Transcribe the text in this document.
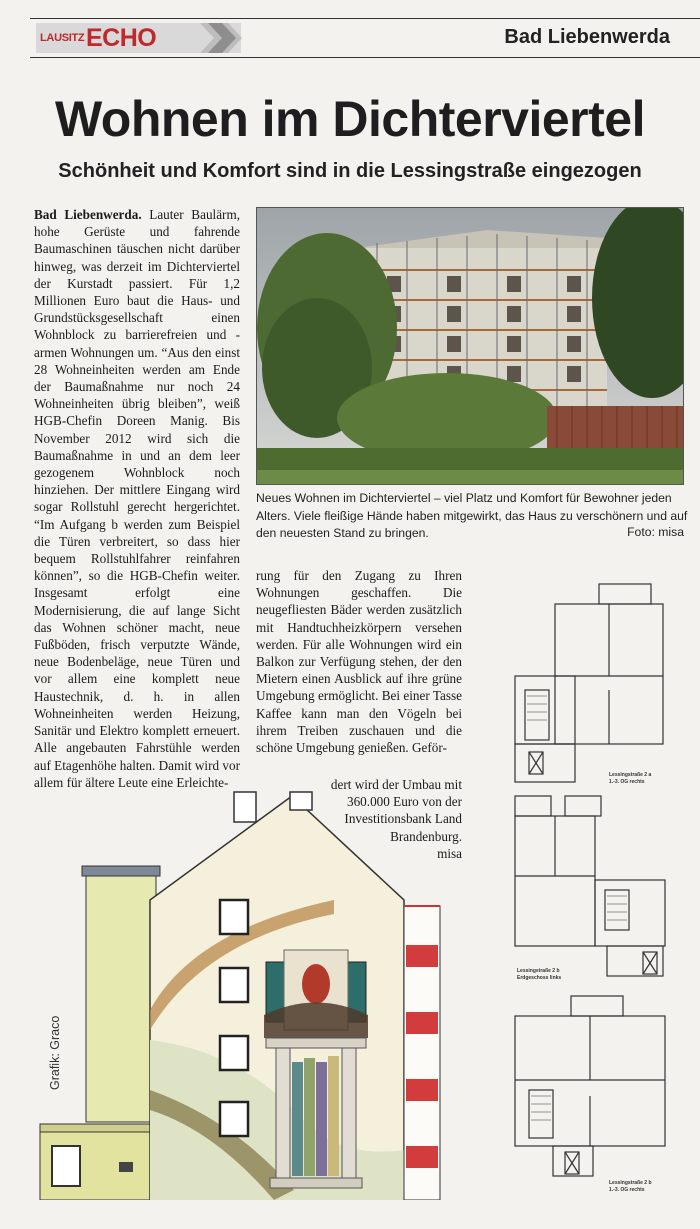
LAUSITZ ECHO	Bad Liebenwerda
Wohnen im Dichterviertel
Schönheit und Komfort sind in die Lessingstraße eingezogen

Bad Liebenwerda. Lauter Baulärm, hohe Gerüste und fahrende Baumaschinen täuschen nicht darüber hinweg, was derzeit im Dichterviertel der Kurstadt passiert. Für 1,2 Millionen Euro baut die Haus- und Grundstücksgesellschaft einen Wohnblock zu barrierefreien und -armen Wohnungen um. “Aus den einst 28 Wohneinheiten werden am Ende der Baumaßnahme nur noch 24 Wohneinheiten übrig bleiben”, weiß HGB-Chefin Doreen Manig. Bis November 2012 wird sich die Baumaßnahme in und an dem leer gezogenem Wohnblock noch hinziehen. Der mittlere Eingang wird sogar Rollstuhl gerecht hergerichtet. “Im Aufgang b werden zum Beispiel die Türen verbreitert, so dass hier bequem Rollstuhlfahrer reinfahren können”, so die HGB-Chefin weiter. Insgesamt erfolgt eine Modernisierung, die auf lange Sicht das Wohnen schöner macht, neue Fußböden, frisch verputzte Wände, neue Bodenbeläge, neue Türen und vor allem eine komplett neue Haustechnik, d. h. in allen Wohneinheiten werden Heizung, Sanitär und Elektro komplett erneuert. Alle angebauten Fahrstühle werden auf Etagenhöhe halten. Damit wird vor allem für ältere Leute eine Erleichte-

Neues Wohnen im Dichterviertel – viel Platz und Komfort für Bewohner jeden Alters. Viele fleißige Hände haben mitgewirkt, das Haus zu verschönern und auf den neuesten Stand zu bringen.	Foto: misa

rung für den Zugang zu Ihren Wohnungen geschaffen. Die neugefliesten Bäder werden zusätzlich mit Handtuchheizkörpern versehen werden. Für alle Wohnungen wird ein Balkon zur Verfügung stehen, der den Mietern einen Ausblick auf ihre grüne Umgebung ermöglicht. Bei einer Tasse Kaffee kann man den Vögeln bei ihrem Treiben zuschauen und die schöne Umgebung genießen. Geför-

dert wird der Umbau mit 360.000 Euro von der Investitionsbank Land Brandenburg.
misa

Grafik: Graco
Lessingstraße 2 a
1.-3. OG rechts
Lessingstraße 2 b
Erdgeschoss links
Lessingstraße 2 b
1.-3. OG rechts
